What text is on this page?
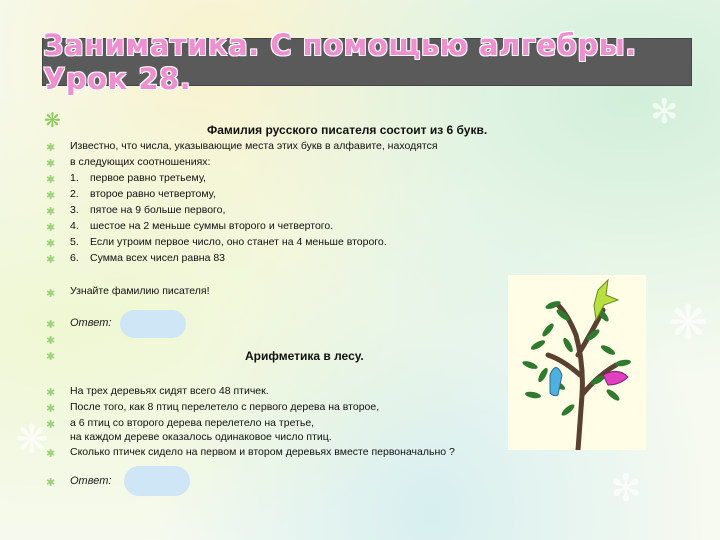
✻
❋
❋
✻
Заниматика. С помощью алгебры. Урок 28.
❋	Фамилия русского писателя состоит из 6 букв.
✱ Известно, что числа, указывающие места этих букв в алфавите, находятся
✱ в следующих соотношениях:
✱ 1. первое равно третьему,
✱ 2. второе равно четвертому,
✱ 3. пятое на 9 больше первого,
✱ 4. шестое на 2 меньше суммы второго и четвертого.
✱ 5. Если утроим первое число, оно станет на 4 меньше второго.
✱ 6. Сумма всех чисел равна 83
✱ Узнайте фамилию писателя!
✱ Ответ:
✱
✱	Арифметика в лесу.
✱ На трех деревьях сидят всего 48 птичек.
✱ После того, как 8 птиц перелетело с первого дерева на второе,
✱ а 6 птиц со второго дерева перелетело на третье,
на каждом дереве оказалось одинаковое число птиц.
✱ Сколько птичек сидело на первом и втором деревьях вместе первоначально ?
✱ Ответ:
